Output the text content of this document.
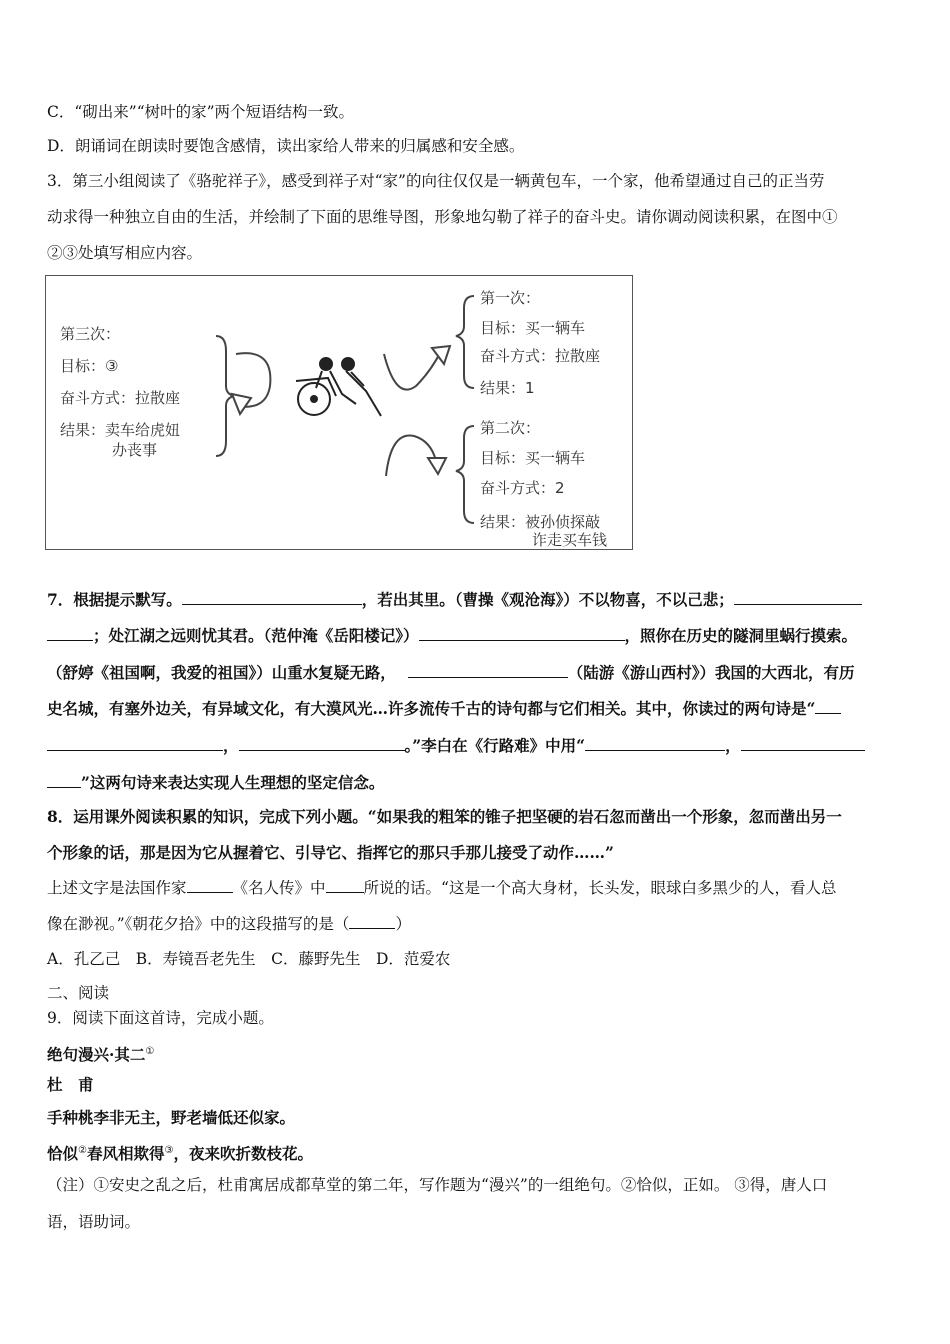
C．“砌出来”“树叶的家”两个短语结构一致。
D．朗诵词在朗读时要饱含感情，读出家给人带来的归属感和安全感。
3．第三小组阅读了《骆驼祥子》，感受到祥子对“家”的向往仅仅是一辆黄包车，一个家，他希望通过自己的正当劳
动求得一种独立自由的生活，并绘制了下面的思维导图，形象地勾勒了祥子的奋斗史。请你调动阅读积累，在图中①
②③处填写相应内容。
第三次：
目标：③
奋斗方式：拉散座
结果：卖车给虎妞
办丧事
第一次：
目标：买一辆车
奋斗方式：拉散座
结果：1
第二次：
目标：买一辆车
奋斗方式：2
结果：被孙侦探敲
诈走买车钱
7．根据提示默写。	，若出其里。（曹操《观沧海》）不以物喜，不以己悲；
；处江湖之远则忧其君。（范仲淹《岳阳楼记》）	，照你在历史的隧洞里蜗行摸索。
（舒婷《祖国啊，我爱的祖国》）山重水复疑无路，	（陆游《游山西村》）我国的大西北，有历
史名城，有塞外边关，有异域文化，有大漠风光…许多流传千古的诗句都与它们相关。其中，你读过的两句诗是“
，	。”李白在《行路难》中用“	，
”这两句诗来表达实现人生理想的坚定信念。
8．运用课外阅读积累的知识，完成下列小题。“如果我的粗笨的锥子把坚硬的岩石忽而凿出一个形象，忽而凿出另一
个形象的话，那是因为它从握着它、引导它、指挥它的那只手那儿接受了动作……”
上述文字是法国作家	《名人传》中 所说的话。“这是一个高大身材，长头发，眼球白多黑少的人，看人总
像在渺视。”《朝花夕拾》中的这段描写的是（	）
A．孔乙己　B．寿镜吾老先生　C．藤野先生　D．范爱农
二、阅读
9．阅读下面这首诗，完成小题。
绝句漫兴·其二①
杜　甫
手种桃李非无主，野老墙低还似家。
恰似②春风相欺得③，夜来吹折数枝花。
（注）①安史之乱之后，杜甫寓居成都草堂的第二年，写作题为“漫兴”的一组绝句。②恰似，正如。 ③得，唐人口
语，语助词。
